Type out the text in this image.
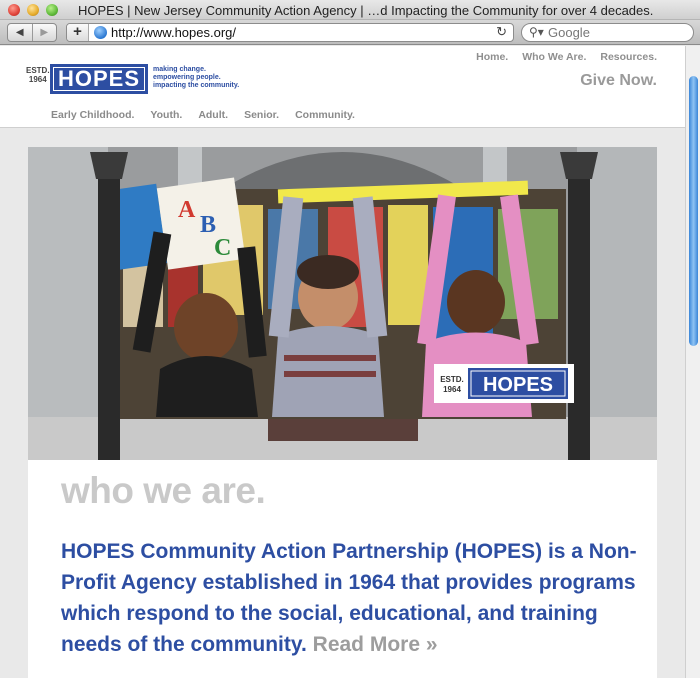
HOPES | New Jersey Community Action Agency | …d Impacting the Community for over 4 decades.
◀	▶	+	http://www.hopes.org/	↻ ⚲▾
Google
ESTD.
1964 HOPES	making change.
empowering people.
impacting the community.
Home. Who We Are. Resources.
Give Now.
Early Childhood. Youth. Adult. Senior. Community.
ESTD.
1964 HOPES
A
B
C
who we are.

HOPES Community Action Partnership (HOPES) is a Non-Profit Agency established in 1964 that provides programs which respond to the social, educational, and training needs of the community. Read More »
